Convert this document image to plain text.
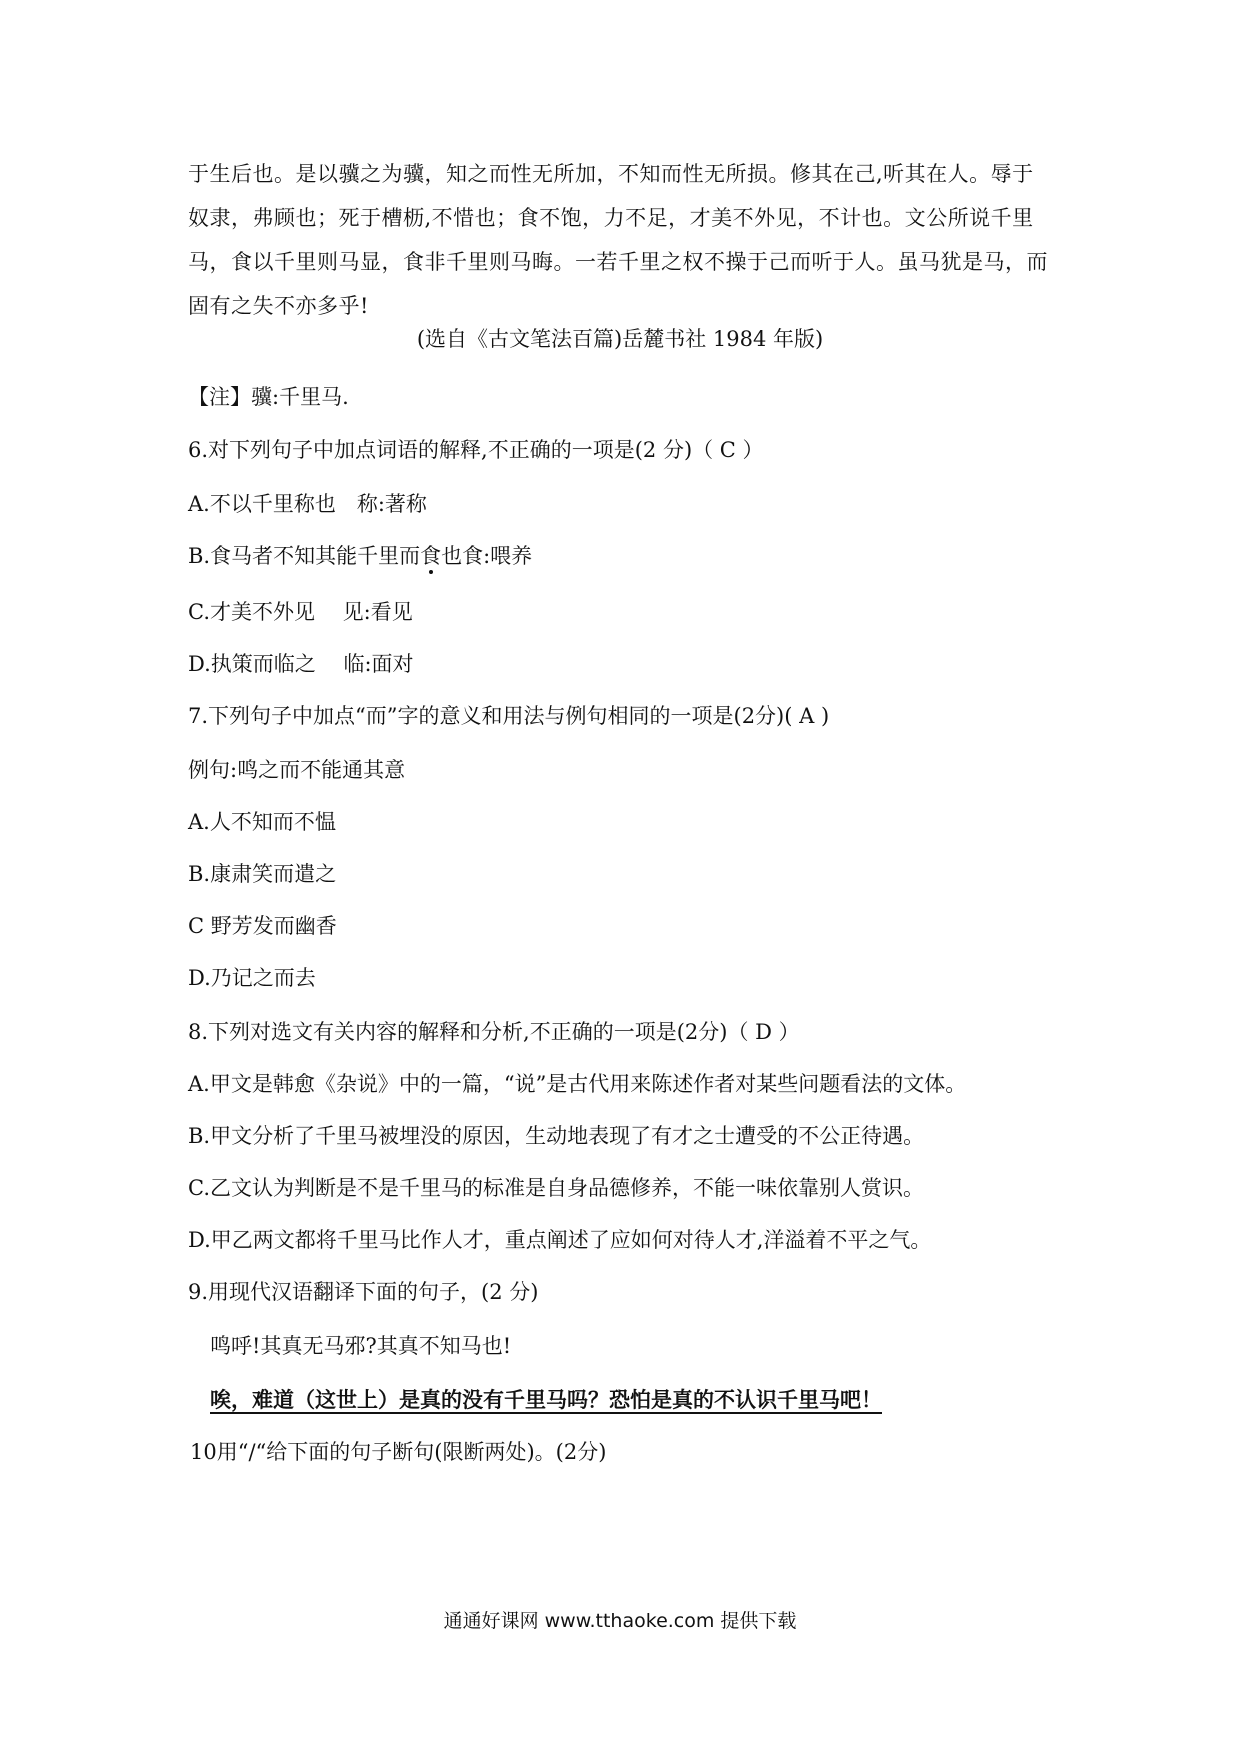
于生后也。是以骥之为骥，知之而性无所加，不知而性无所损。修其在己,听其在人。辱于

奴隶，弗顾也；死于槽枥,不惜也；食不饱，力不足，才美不外见，不计也。文公所说千里

马，食以千里则马显，食非千里则马晦。一若千里之权不操于己而听于人。虽马犹是马，而

固有之失不亦多乎!

(选自《古文笔法百篇)岳麓书社 1984 年版)
【注】骥:千里马.
6.对下列句子中加点词语的解释,不正确的一项是(2 分)（ C ）
A.不以千里称也　称:著称
B.食马者不知其能千里而食也食:喂养
C.才美不外见　 见:看见
D.执策而临之　 临:面对
7.下列句子中加点“而”字的意义和用法与例句相同的一项是(2分)( A )
例句:鸣之而不能通其意
A.人不知而不愠
B.康肃笑而遣之
C 野芳发而幽香
D.乃记之而去
8.下列对选文有关内容的解释和分析,不正确的一项是(2分)（ D ）
A.甲文是韩愈《杂说》中的一篇，“说”是古代用来陈述作者对某些问题看法的文体。
B.甲文分析了千里马被埋没的原因，生动地表现了有才之士遭受的不公正待遇。
C.乙文认为判断是不是千里马的标准是自身品德修养，不能一味依靠别人赏识。
D.甲乙两文都将千里马比作人才，重点阐述了应如何对待人才,洋溢着不平之气。
9.用现代汉语翻译下面的句子，(2 分)
鸣呼!其真无马邪?其真不知马也!
唉，难道（这世上）是真的没有千里马吗？恐怕是真的不认识千里马吧！
10用“/“给下面的句子断句(限断两处)。(2分)
通通好课网 www.tthaoke.com 提供下载
